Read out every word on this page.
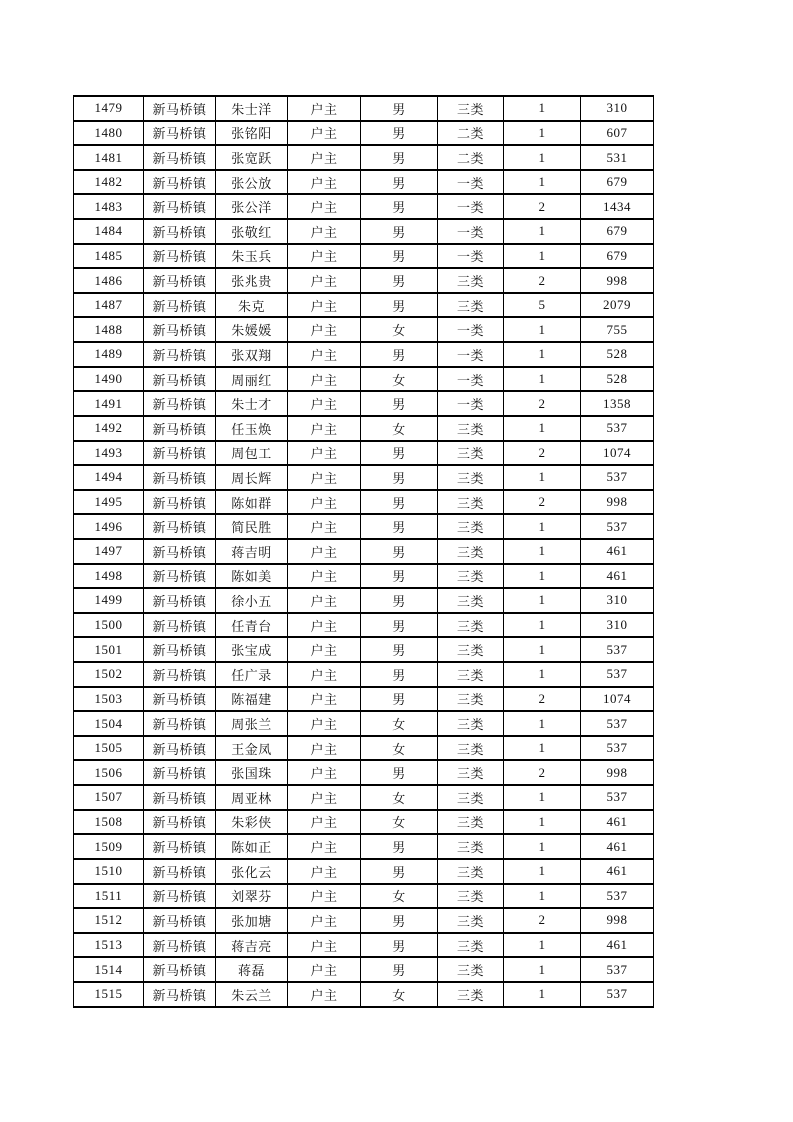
1479	新马桥镇	朱士洋	户主	男	三类	1	310
1480	新马桥镇	张铭阳	户主	男	二类	1	607
1481	新马桥镇	张宽跃	户主	男	二类	1	531
1482	新马桥镇	张公放	户主	男	一类	1	679
1483	新马桥镇	张公洋	户主	男	一类	2	1434
1484	新马桥镇	张敬红	户主	男	一类	1	679
1485	新马桥镇	朱玉兵	户主	男	一类	1	679
1486	新马桥镇	张兆贵	户主	男	三类	2	998
1487	新马桥镇	朱克	户主	男	三类	5	2079
1488	新马桥镇	朱媛媛	户主	女	一类	1	755
1489	新马桥镇	张双翔	户主	男	一类	1	528
1490	新马桥镇	周丽红	户主	女	一类	1	528
1491	新马桥镇	朱士才	户主	男	一类	2	1358
1492	新马桥镇	任玉焕	户主	女	三类	1	537
1493	新马桥镇	周包工	户主	男	三类	2	1074
1494	新马桥镇	周长辉	户主	男	三类	1	537
1495	新马桥镇	陈如群	户主	男	三类	2	998
1496	新马桥镇	简民胜	户主	男	三类	1	537
1497	新马桥镇	蒋吉明	户主	男	三类	1	461
1498	新马桥镇	陈如美	户主	男	三类	1	461
1499	新马桥镇	徐小五	户主	男	三类	1	310
1500	新马桥镇	任青台	户主	男	三类	1	310
1501	新马桥镇	张宝成	户主	男	三类	1	537
1502	新马桥镇	任广录	户主	男	三类	1	537
1503	新马桥镇	陈福建	户主	男	三类	2	1074
1504	新马桥镇	周张兰	户主	女	三类	1	537
1505	新马桥镇	王金凤	户主	女	三类	1	537
1506	新马桥镇	张国珠	户主	男	三类	2	998
1507	新马桥镇	周亚林	户主	女	三类	1	537
1508	新马桥镇	朱彩侠	户主	女	三类	1	461
1509	新马桥镇	陈如正	户主	男	三类	1	461
1510	新马桥镇	张化云	户主	男	三类	1	461
1511	新马桥镇	刘翠芬	户主	女	三类	1	537
1512	新马桥镇	张加塘	户主	男	三类	2	998
1513	新马桥镇	蒋吉亮	户主	男	三类	1	461
1514	新马桥镇	蒋磊	户主	男	三类	1	537
1515	新马桥镇	朱云兰	户主	女	三类	1	537
